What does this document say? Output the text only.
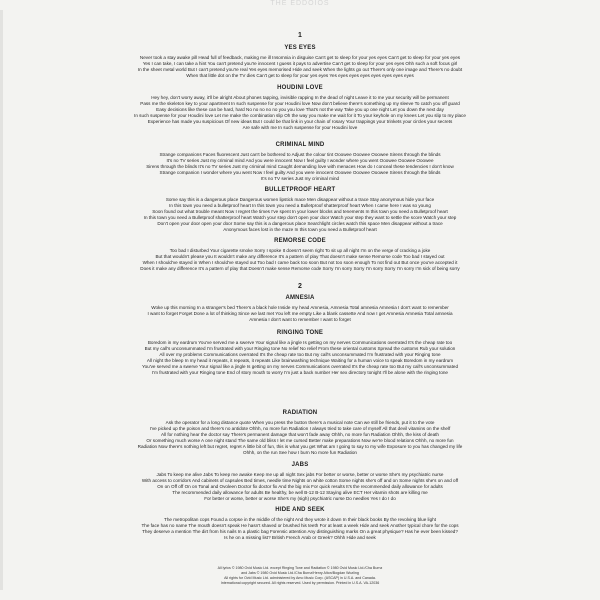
THE EDDOIOS
1
YES EYES
Never took a stay awake pill Head full of feedback, making me ill Insomnia in disguise Can't get to sleep for your yes eyes Can't get to sleep for your yes eyes
Yes I can take, I can take a hint You can't pretend you're innocent I guess it pays to advertise Can't get to sleep for your yes eyes Ohh such a soft focus girl
In the sheet metal world But I can't pretend you're real Yes eyes memorised Hide and seek When the lights go out There's only one image and There's no doubt
When that little dot on the TV dies Can't get to sleep for your yes eyes Yes eyes eyes eyes eyes eyes eyes eyes
HOUDINI LOVE
Hey hey, don't worry away, it'll be alright About phones tapping, invisible rapping In the dead of night Leave it to me your security will be permanent
Pass me the skeleton key to your apartment In such suspense for your Houdini love Now don't believe there's something up my sleeve To catch you off guard
Easy decisions like these can be hard, hard No no no no no you you love That's not the way Take you up one night Let you down the next day
In such suspense for your Houdini love Let me make the combination slip Oh the way you make me wait for it To your keyhole on my knees Let you slip to my place
Experience has made you suspicious Of new ideas But I could be that link in your chain of rosary Your trappings your trinkets your circles your secrets
Are safe with me In such suspense for your Houdini love
CRIMINAL MIND
Strange companions Faces fluorescent Just can't be bothered to Adjust the colour tint Ooowee Ooowee Ooowee Sirens through the blinds
It's no TV series Just my criminal mind And you were innocent Now I feel guilty I wonder where you went Ooowee Ooowee Ooowee
Sirens through the blinds It's no TV series Just my criminal mind Caught demanding love with menaces How do I conceal these tendencies I don't know
Strange companion I wonder where you went Now I feel guilty And you were innocent Ooowee Ooowee Ooowee Sirens through the blinds
It's no TV series Just my criminal mind
BULLETPROOF HEART
Some say this is a dangerous place Dangerous women lipstick mace Men disappear without a trace Stay anonymous hide your face
In this town you need a bulletproof heart In this town you need a Bulletproof shatterproof heart When I came here I was so young
Soon found out what trouble meant Now I regret the times I've spent In your lower blocks and tenements In this town you need a Bulletproof heart
In this town you need a Bulletproof shatterproof heart Watch your step don't open your door Watch your step they want to settle the score Watch your step
Don't open your door open your door Some say this is a dangerous place Searchlight circles watch this space Men disappear without a trace
Anonymous faces lost in the maze In this town you need a Bulletproof heart
REMORSE CODE
Too bad I disturbed Your cigarette smoke Sorry I spoke It doesn't seem right To sit up all night I'm on the verge of cracking a joke
But that wouldn't please you It wouldn't make any difference It's a pattern of play That doesn't make sense Remorse code Too bad I stayed out
When I should've stayed in When I should've stayed out Too bad I came back too soon But not too soon enough To not find out But once you've accepted it
Does it make any difference It's a pattern of play that Doesn't make sense Remorse code Sorry I'm sorry Sorry I'm sorry Sorry I'm sorry I'm sick of being sorry
2
AMNESIA
Woke up this morning In a stranger's bed There's a black hole Inside my head Amnesia, Amnesia Total amnesia Amnesia I don't want to remember
I want to forget Forget Done a lot of thinking Since we last met You left me empty Like a blank cassette And now I get Amnesia Amnesia Total amnesia
Amnesia I don't want to remember I want to forget
RINGING TONE
Boredom in my eardrum You've served me a swerve Your signal like a jingle Is getting on my nerves Communications overrated It's the cheap rate too
But my call's unconsummated I'm frustrated with your Ringing tone No relief No relief From these oriental customs Spread the customs Rub your solution
All over my problems Communications overrated It's the cheap rate too But my call's unconsummated I'm frustrated with your Ringing tone
All night the bleep In my head it repeats, it repeats, it repeats Like brainwashing technique Waiting for a human voice to speak Boredom in my eardrum
You've served me a swerve Your signal like a jingle Is getting on my nerves Communications overrated It's the cheap rate too But my call's unconsummated
I'm frustrated with your Ringing tone End of story mouth to worry I'm just a back number Her sex directory tonight I'll be alone with the ringing tone
RADIATION
Ask the operator for a long distance quote When you press the button there's a musical note Can we still be friends, put it to the vote
I've picked up the poison and there's no antidote Ohhh, no more fun Radiation I always tried to take care of myself All that devil vitamins on the shelf
All for nothing hear the doctor say There's permanent damage that won't fade away Ohhh, no more fun Radiation Ohhh, the kiss of death
Or something much worse A one night stand The same old bliss I let me cursed Better make preparations Now we're blood relations Ohhh, no more fun
Radiation Now there's nothing left but regret, regret A little bit of fun, this is what you get What am I going to say to my wife Exposure to you has changed my life
Ohhh, on the run See how I burn No more fun Radiation
JABS
Jabs To keep me alive Jabs To keep me awake Keep me up all night Sex jabs For better or worse, better or worse She's my psychiatric nurse
With access to corridors And cabinets of capsules Bed times, needle time Nights on white cotton Some nights she's off and on Some nights she's on and off
On on Off off On on Tonal and Ovoleen Doctor fix doctor fix And the big mix For quick results It's the recommended daily allowance for adults
The recommended daily allowance for adults Be healthy, be well B-12 B-12 Staying alive ECT Her vitamin shots are killing me
For better or worse, better or worse She's my (sigh) psychiatric nurse Do needles Yes I do I do
HIDE AND SEEK
The metropolitan cops Found a corpse in the middle of the night And they wrote it down In their black books By the revolving blue light
The face has no name The mouth doesn't speak He hasn't shaved or brushed his teeth For at least a week Hide and seek Another typical chore for the cops
They deserve a mention The dirt from his nails In a plastic bag Forensic attention Any distinguishing marks On a great physique? Has he ever been kissed?
Is he on a missing list? British French Arab or Greek? Ohhh Hide and seek
All lyrics © 1980 Ovid Music Ltd. except Ringing Tone and Radiation © 1980 Ovid Music Ltd./Cha Burnz
and Jabs © 1980 Ovid Music Ltd./Cha Burnz/Henry Alton/Bogdan Wozling
All rights for Ovid Music Ltd. administered by Amo Music Corp. (ASCAP) in U.S.A. and Canada.
International copyright secured. All rights reserved. Used by permission. Printed in U.S.A. VA-12036
